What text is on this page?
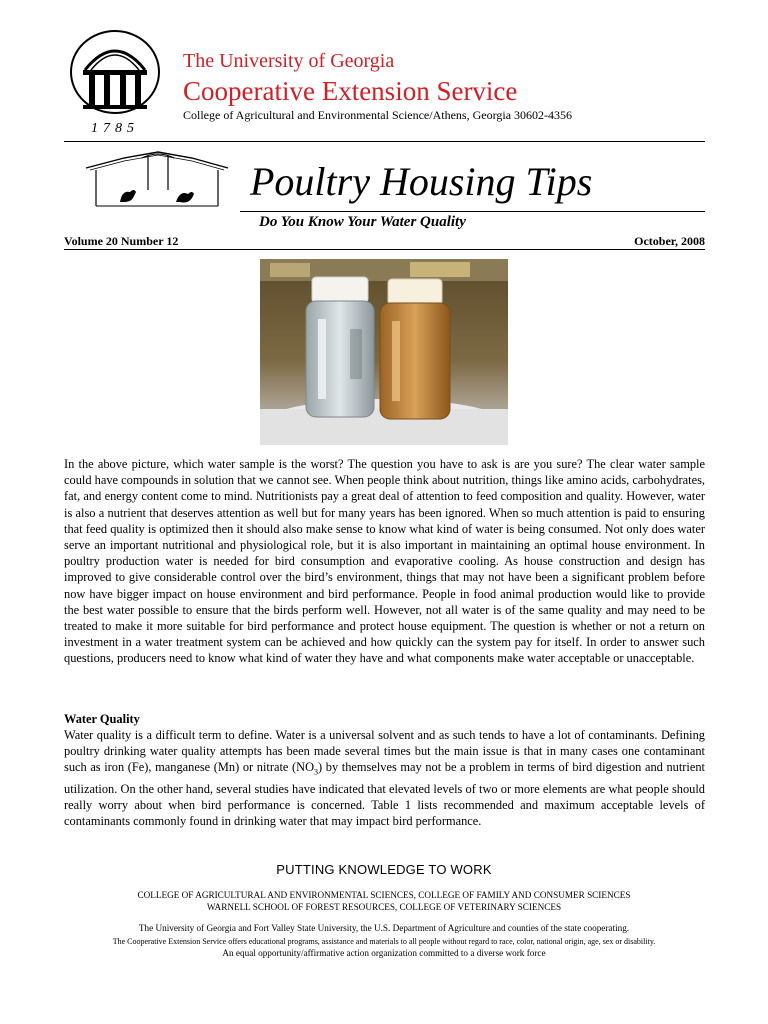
1785
The University of Georgia
Cooperative Extension Service
College of Agricultural and Environmental Science/Athens, Georgia 30602-4356
Poultry Housing Tips
Do You Know Your Water Quality
Volume 20 Number 12	October, 2008
In the above picture, which water sample is the worst? The question you have to ask is are you sure? The clear water sample could have compounds in solution that we cannot see. When people think about nutrition, things like amino acids, carbohydrates, fat, and energy content come to mind. Nutritionists pay a great deal of attention to feed composition and quality. However, water is also a nutrient that deserves attention as well but for many years has been ignored. When so much attention is paid to ensuring that feed quality is optimized then it should also make sense to know what kind of water is being consumed. Not only does water serve an important nutritional and physiological role, but it is also important in maintaining an optimal house environment. In poultry production water is needed for bird consumption and evaporative cooling. As house construction and design has improved to give considerable control over the bird’s environment, things that may not have been a significant problem before now have bigger impact on house environment and bird performance. People in food animal production would like to provide the best water possible to ensure that the birds perform well. However, not all water is of the same quality and may need to be treated to make it more suitable for bird performance and protect house equipment. The question is whether or not a return on investment in a water treatment system can be achieved and how quickly can the system pay for itself. In order to answer such questions, producers need to know what kind of water they have and what components make water acceptable or unacceptable.
Water Quality
Water quality is a difficult term to define. Water is a universal solvent and as such tends to have a lot of contaminants. Defining poultry drinking water quality attempts has been made several times but the main issue is that in many cases one contaminant such as iron (Fe), manganese (Mn) or nitrate $(NO_3)$ by themselves may not be a problem in terms of bird digestion and nutrient utilization. On the other hand, several studies have indicated that elevated levels of two or more elements are what people should really worry about when bird performance is concerned. Table 1 lists recommended and maximum acceptable levels of contaminants commonly found in drinking water that may impact bird performance.
PUTTING KNOWLEDGE TO WORK
COLLEGE OF AGRICULTURAL AND ENVIRONMENTAL SCIENCES, COLLEGE OF FAMILY AND CONSUMER SCIENCES
WARNELL SCHOOL OF FOREST RESOURCES, COLLEGE OF VETERINARY SCIENCES
The University of Georgia and Fort Valley State University, the U.S. Department of Agriculture and counties of the state cooperating.
The Cooperative Extension Service offers educational programs, assistance and materials to all people without regard to race, color, national origin, age, sex or disability.
An equal opportunity/affirmative action organization committed to a diverse work force
